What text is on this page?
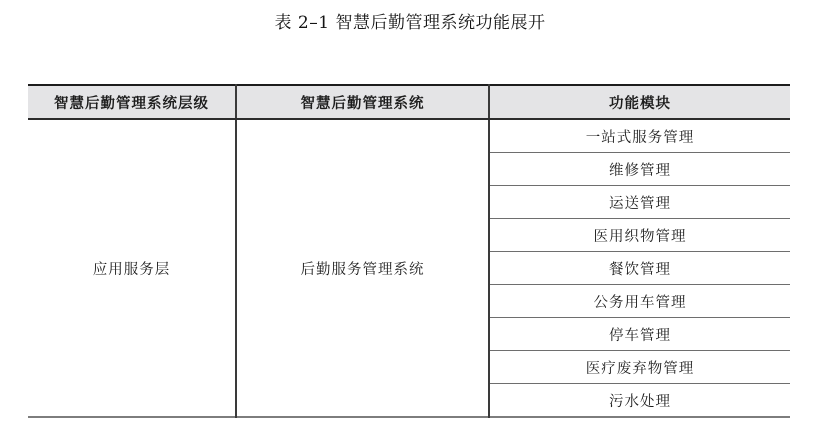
表 2–1 智慧后勤管理系统功能展开
智慧后勤管理系统层级	智慧后勤管理系统	功能模块
应用服务层	后勤服务管理系统	一站式服务管理
		维修管理
		运送管理
		医用织物管理
		餐饮管理
		公务用车管理
		停车管理
		医疗废弃物管理
		污水处理
